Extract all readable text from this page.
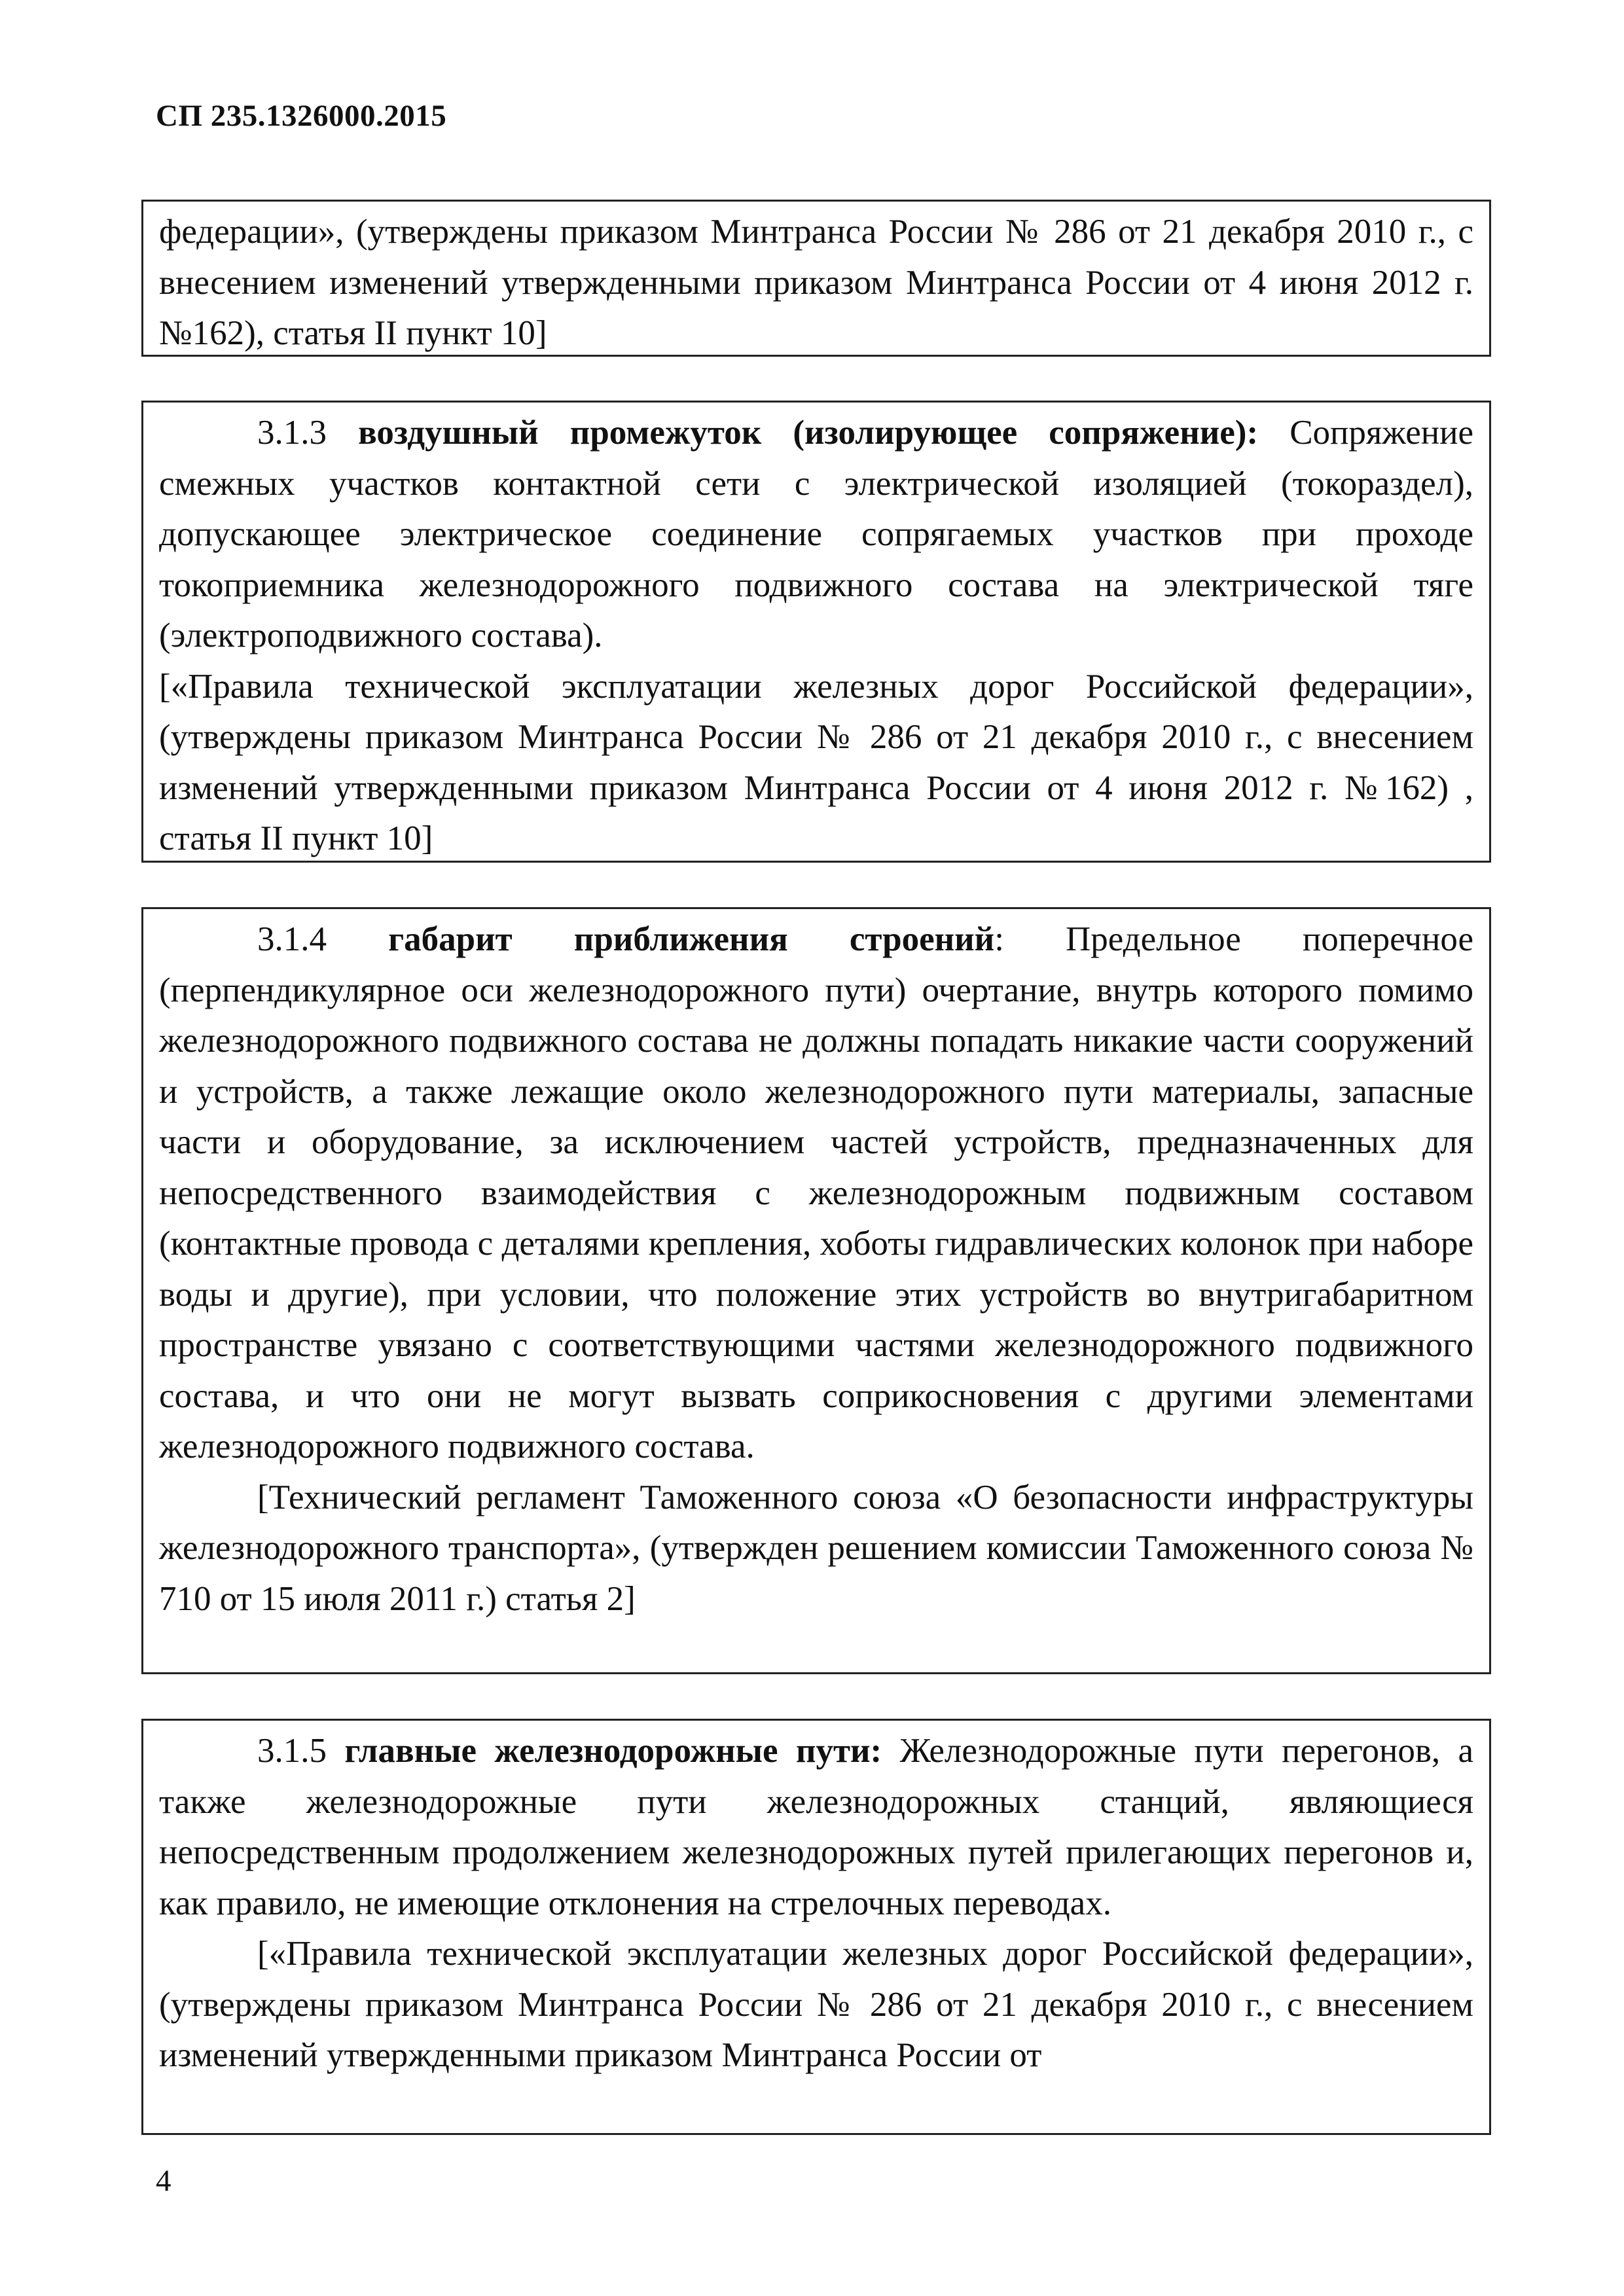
СП 235.1326000.2015

федерации», (утверждены приказом Минтранса России № 286 от 21 декабря 2010 г., с внесением изменений утвержденными приказом Минтранса России от 4 июня 2012 г. №162), статья II пункт 10]

3.1.3 воздушный промежуток (изолирующее сопряжение): Сопряжение смежных участков контактной сети с электрической изоляцией (токораздел), допускающее электрическое соединение сопрягаемых участков при проходе токоприемника железнодорожного подвижного состава на электрической тяге (электроподвижного состава).

[«Правила технической эксплуатации железных дорог Российской федерации», (утверждены приказом Минтранса России № 286 от 21 декабря 2010 г., с внесением изменений утвержденными приказом Минтранса России от 4 июня 2012 г. №162) , статья II пункт 10]

3.1.4 габарит приближения строений: Предельное поперечное (перпендикулярное оси железнодорожного пути) очертание, внутрь которого помимо железнодорожного подвижного состава не должны попадать никакие части сооружений и устройств, а также лежащие около железнодорожного пути материалы, запасные части и оборудование, за исключением частей устройств, предназначенных для непосредственного взаимодействия с железнодорожным подвижным составом (контактные провода с деталями крепления, хоботы гидравлических колонок при наборе воды и другие), при условии, что положение этих устройств во внутригабаритном пространстве увязано с соответствующими частями железнодорожного подвижного состава, и что они не могут вызвать соприкосновения с другими элементами железнодорожного подвижного состава.

[Технический регламент Таможенного союза «О безопасности инфраструктуры железнодорожного транспорта», (утвержден решением комиссии Таможенного союза № 710 от 15 июля 2011 г.) статья 2]

3.1.5 главные железнодорожные пути: Железнодорожные пути перегонов, а также железнодорожные пути железнодорожных станций, являющиеся непосредственным продолжением железнодорожных путей прилегающих перегонов и, как правило, не имеющие отклонения на стрелочных переводах.

[«Правила технической эксплуатации железных дорог Российской федерации», (утверждены приказом Минтранса России № 286 от 21 декабря 2010 г., с внесением изменений утвержденными приказом Минтранса России от

4
